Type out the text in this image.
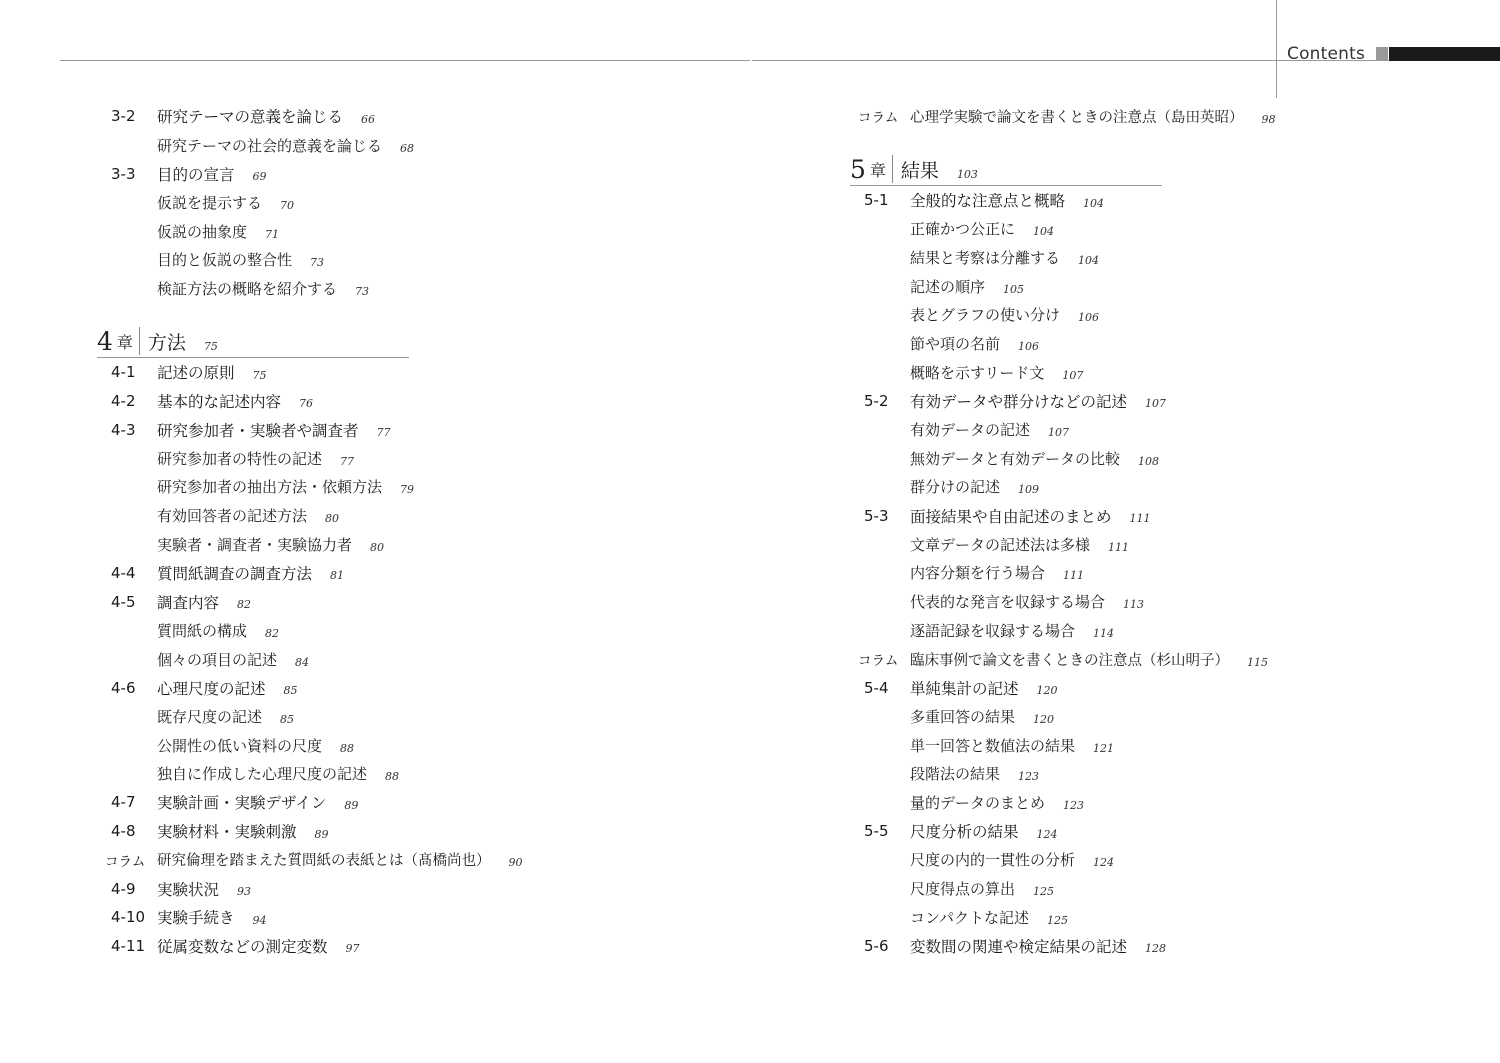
Contents
3-2	研究テーマの意義を論じる 66
研究テーマの社会的意義を論じる 68
3-3	目的の宣言 69
仮説を提示する 70
仮説の抽象度 71
目的と仮説の整合性 73
検証方法の概略を紹介する 73
4 章 方法 75
4-1	記述の原則 75
4-2	基本的な記述内容 76
4-3	研究参加者・実験者や調査者 77
研究参加者の特性の記述 77
研究参加者の抽出方法・依頼方法 79
有効回答者の記述方法 80
実験者・調査者・実験協力者 80
4-4	質問紙調査の調査方法 81
4-5	調査内容 82
質問紙の構成 82
個々の項目の記述 84
4-6	心理尺度の記述 85
既存尺度の記述 85
公開性の低い資料の尺度 88
独自に作成した心理尺度の記述 88
4-7	実験計画・実験デザイン 89
4-8	実験材料・実験刺激 89
コラム 研究倫理を踏まえた質問紙の表紙とは（髙橋尚也） 90
4-9	実験状況 93
4-10 実験手続き 94
4-11 従属変数などの測定変数 97
コラム 心理学実験で論文を書くときの注意点（島田英昭） 98
5 章 結果 103
5-1	全般的な注意点と概略 104
正確かつ公正に 104
結果と考察は分離する 104
記述の順序 105
表とグラフの使い分け 106
節や項の名前 106
概略を示すリード文 107
5-2	有効データや群分けなどの記述 107
有効データの記述 107
無効データと有効データの比較 108
群分けの記述 109
5-3	面接結果や自由記述のまとめ 111
文章データの記述法は多様 111
内容分類を行う場合 111
代表的な発言を収録する場合 113
逐語記録を収録する場合 114
コラム 臨床事例で論文を書くときの注意点（杉山明子） 115
5-4	単純集計の記述 120
多重回答の結果 120
単一回答と数値法の結果 121
段階法の結果 123
量的データのまとめ 123
5-5	尺度分析の結果 124
尺度の内的一貫性の分析 124
尺度得点の算出 125
コンパクトな記述 125
5-6	変数間の関連や検定結果の記述 128
